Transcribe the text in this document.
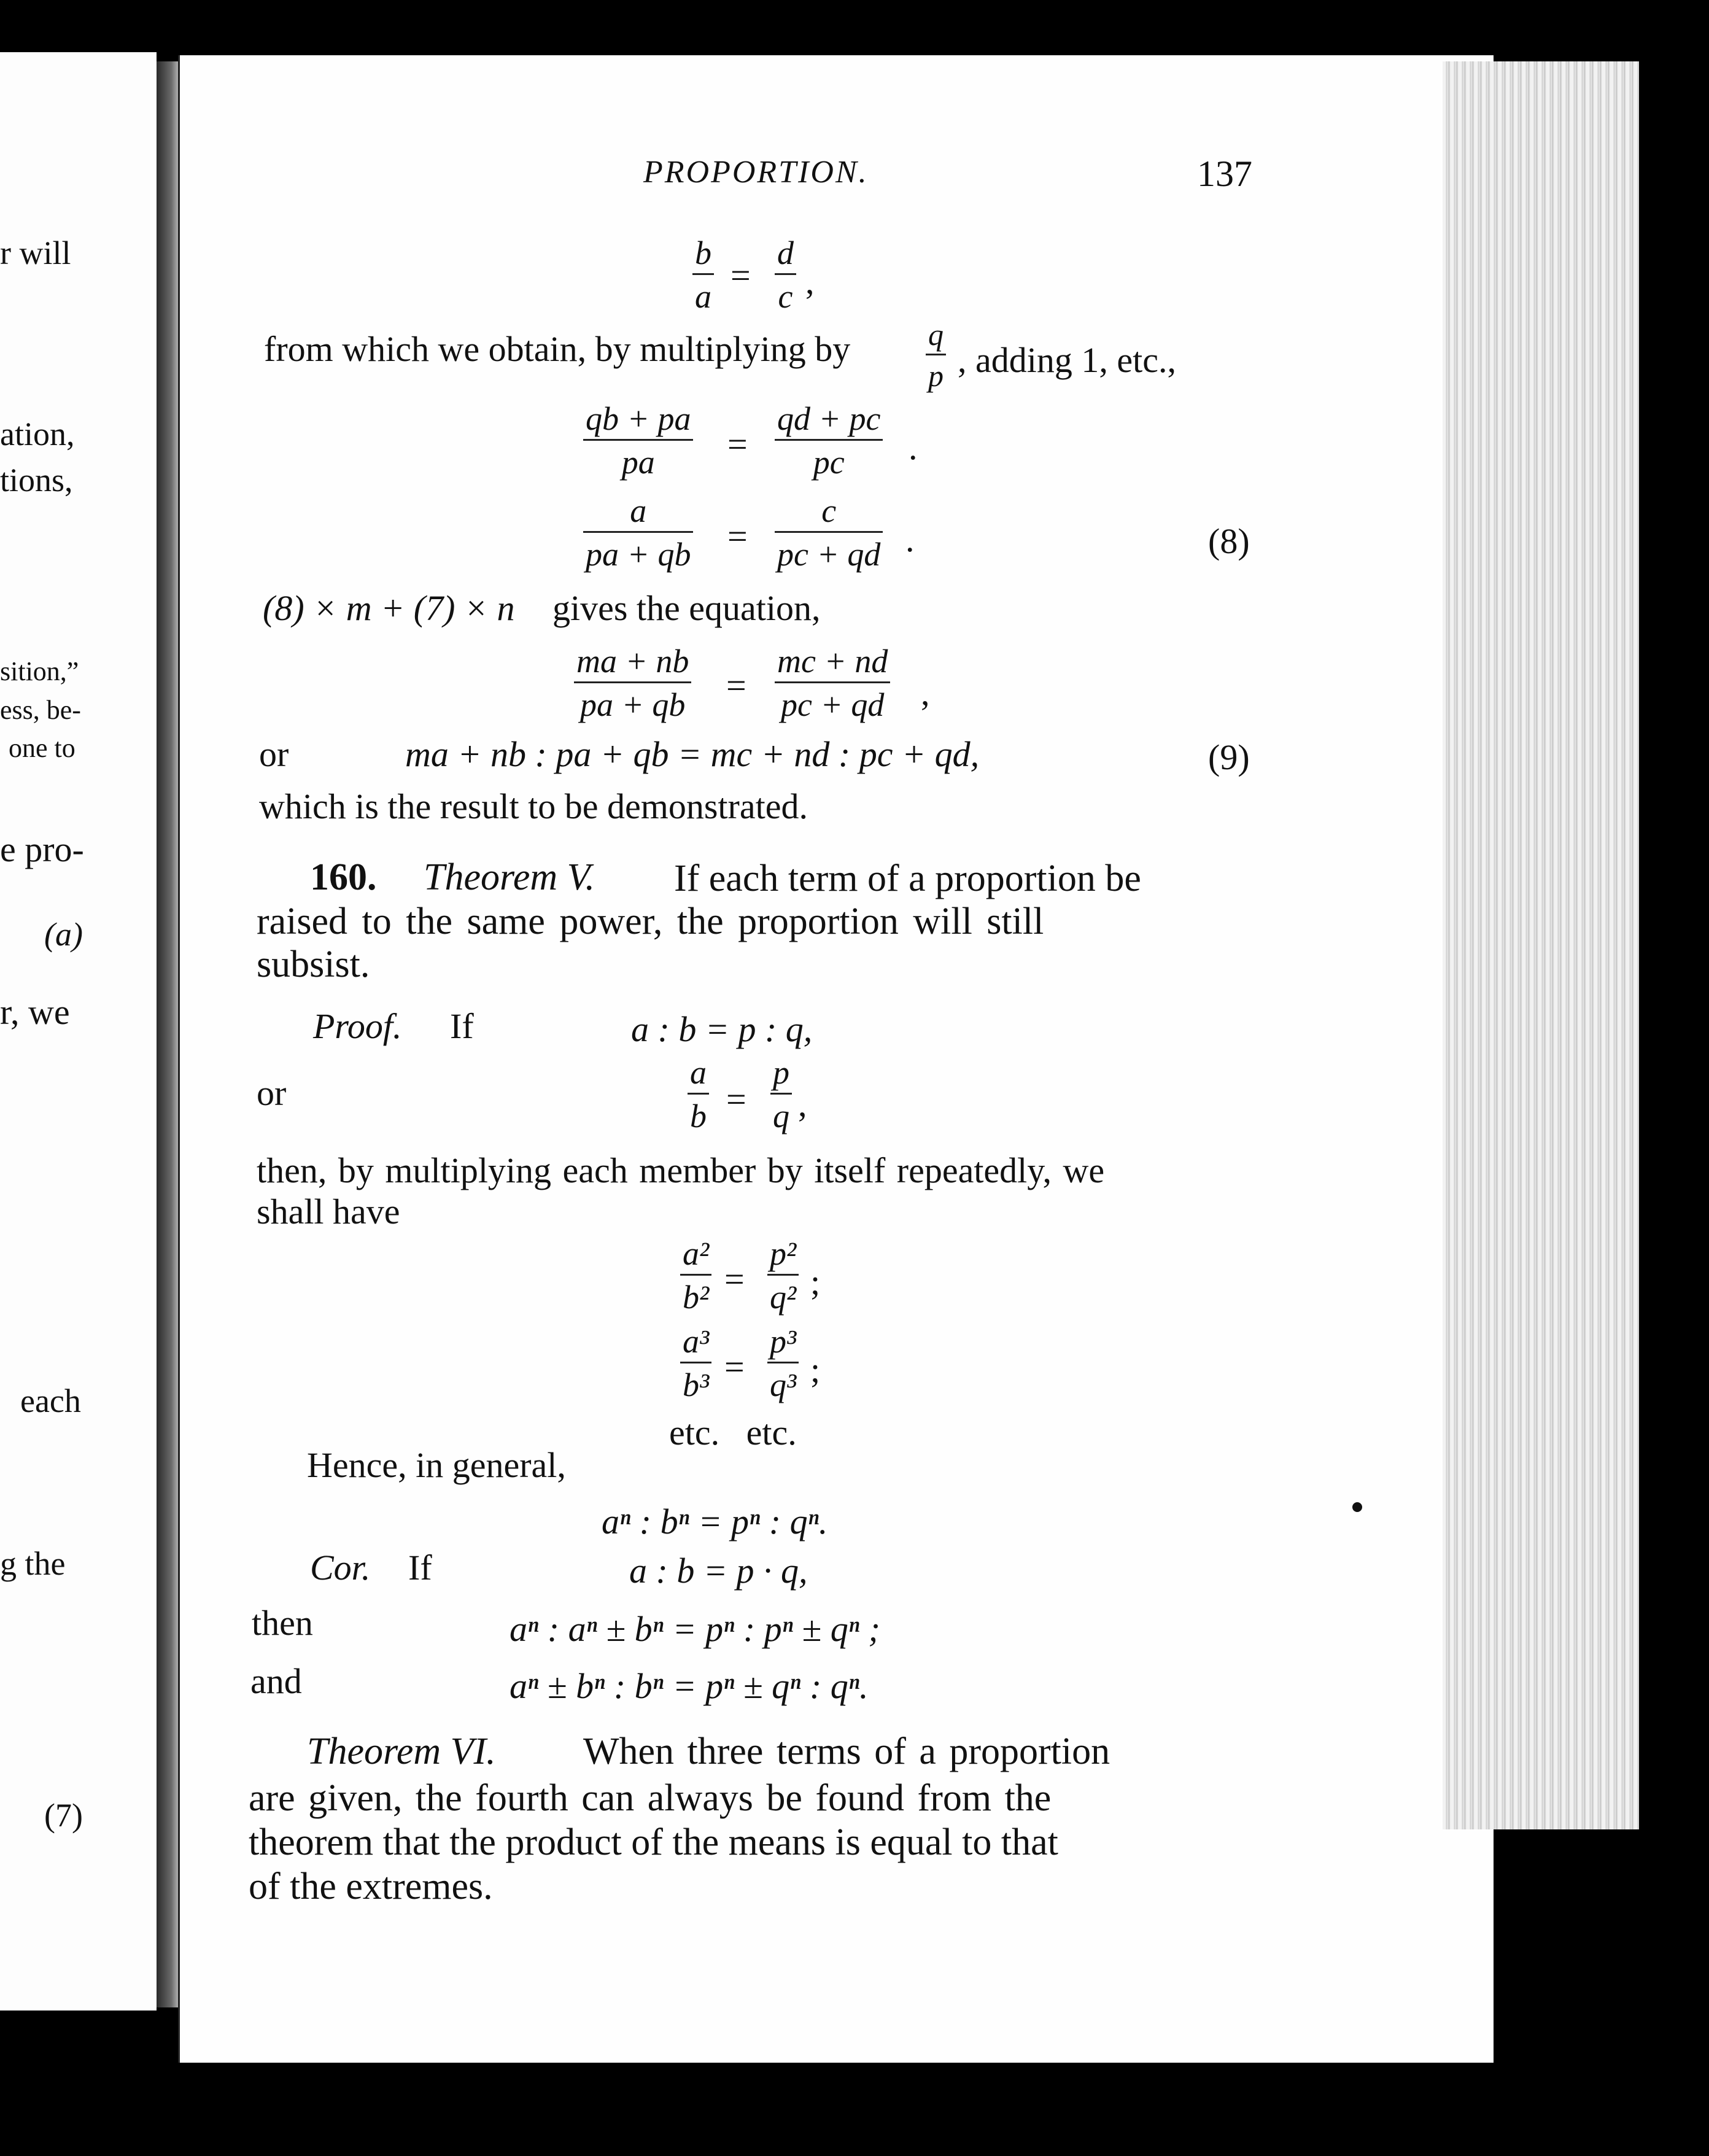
r will
ation,
tions,
sition,”
ess, be-
one to
e pro-
(a)
r, we
each
g the
(7)
PROPORTION.	137
$\frac{b}{a} = \frac{d}{c}$ ,
from which we obtain, by multiplying by $\frac{q}{p}$ , adding 1, etc.,
$\frac{qb + pa}{pa} = \frac{qd + pc}{pc}$ .
$\frac{a}{pa + qb} = \frac{c}{pc + qd}$ .	(8)
(8) × m + (7) × n gives the equation,
$\frac{ma + nb}{pa + qb} = \frac{mc + nd}{pc + qd}$ ,
or	ma + nb : pa + qb = mc + nd : pc + qd,	(9)
which is the result to be demonstrated.
160. Theorem V. If each term of a proportion be
raised to the same power, the proportion will still
subsist.
Proof. If	a : b = p : q,
or	$\frac{a}{b} = \frac{p}{q}$ ,
then, by multiplying each member by itself repeatedly, we
shall have
$\frac{\text{a²}}{\text{b²}} = \frac{\text{p²}}{\text{q²}}$ ;
$\frac{\text{a³}}{\text{b³}} = \frac{\text{p³}}{\text{q³}}$ ;
etc.   etc.
Hence, in general,
aⁿ : bⁿ = pⁿ : qⁿ.
Cor. If	a : b = p · q,
then	aⁿ : aⁿ ± bⁿ = pⁿ : pⁿ ± qⁿ ;
and	aⁿ ± bⁿ : bⁿ = pⁿ ± qⁿ : qⁿ.
Theorem VI. When three terms of a proportion
are given, the fourth can always be found from the
theorem that the product of the means is equal to that
of the extremes.
